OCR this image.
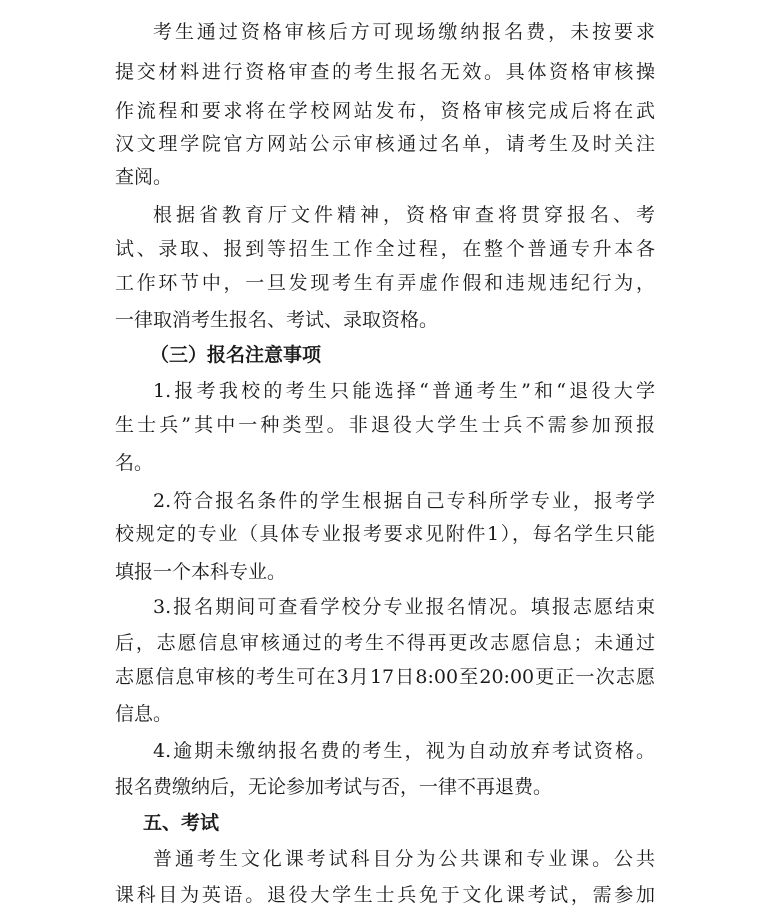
考生通过资格审核后方可现场缴纳报名费，未按要求
提交材料进行资格审查的考生报名无效。具体资格审核操
作流程和要求将在学校网站发布，资格审核完成后将在武
汉文理学院官方网站公示审核通过名单，请考生及时关注
查阅。
根据省教育厅文件精神，资格审查将贯穿报名、考
试、录取、报到等招生工作全过程，在整个普通专升本各
工作环节中，一旦发现考生有弄虚作假和违规违纪行为，
一律取消考生报名、考试、录取资格。
（三）报名注意事项
1.报考我校的考生只能选择“普通考生”和“退役大学
生士兵”其中一种类型。非退役大学生士兵不需参加预报
名。
2.符合报名条件的学生根据自己专科所学专业，报考学
校规定的专业（具体专业报考要求见附件1），每名学生只能
填报一个本科专业。
3.报名期间可查看学校分专业报名情况。填报志愿结束
后，志愿信息审核通过的考生不得再更改志愿信息；未通过
志愿信息审核的考生可在3月17日8:00至20:00更正一次志愿
信息。
4.逾期未缴纳报名费的考生，视为自动放弃考试资格。
报名费缴纳后，无论参加考试与否，一律不再退费。
五、考试
普通考生文化课考试科目分为公共课和专业课。公共
课科目为英语。退役大学生士兵免于文化课考试，需参加
